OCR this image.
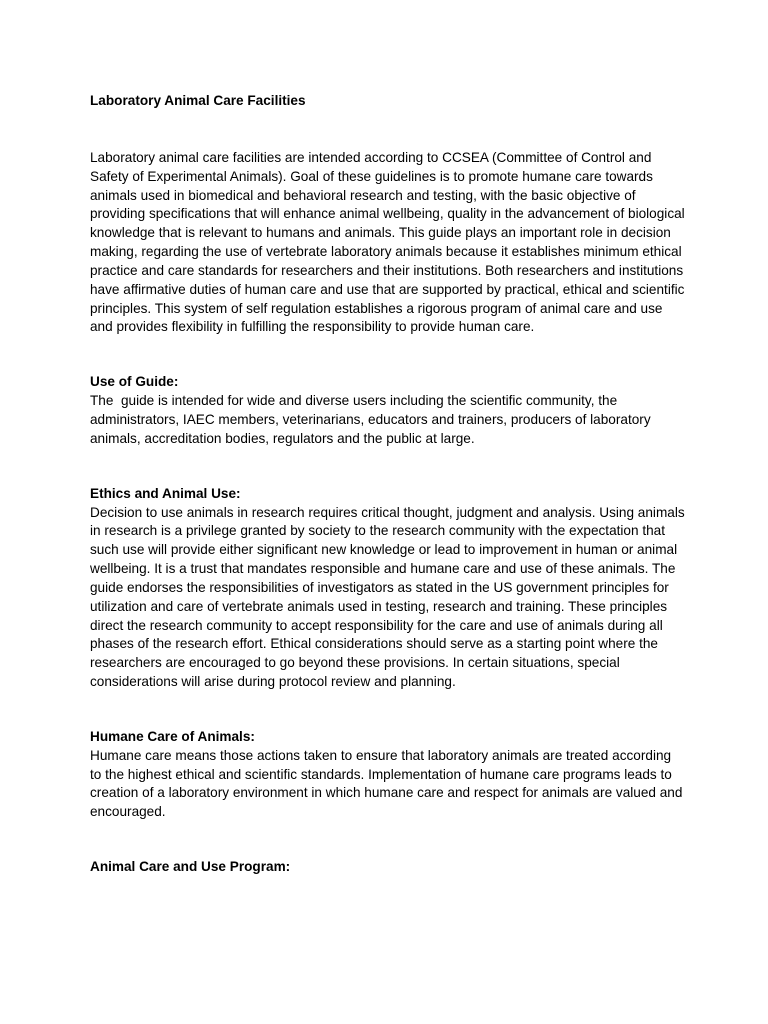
Laboratory Animal Care Facilities

Laboratory animal care facilities are intended according to CCSEA (Committee of Control and Safety of Experimental Animals). Goal of these guidelines is to promote humane care towards animals used in biomedical and behavioral research and testing, with the basic objective of providing specifications that will enhance animal wellbeing, quality in the advancement of biological knowledge that is relevant to humans and animals. This guide plays an important role in decision making, regarding the use of vertebrate laboratory animals because it establishes minimum ethical practice and care standards for researchers and their institutions. Both researchers and institutions have affirmative duties of human care and use that are supported by practical, ethical and scientific principles. This system of self regulation establishes a rigorous program of animal care and use and provides flexibility in fulfilling the responsibility to provide human care.

Use of Guide:

The  guide is intended for wide and diverse users including the scientific community, the administrators, IAEC members, veterinarians, educators and trainers, producers of laboratory animals, accreditation bodies, regulators and the public at large.

Ethics and Animal Use:

Decision to use animals in research requires critical thought, judgment and analysis. Using animals in research is a privilege granted by society to the research community with the expectation that such use will provide either significant new knowledge or lead to improvement in human or animal wellbeing. It is a trust that mandates responsible and humane care and use of these animals. The guide endorses the responsibilities of investigators as stated in the US government principles for utilization and care of vertebrate animals used in testing, research and training. These principles direct the research community to accept responsibility for the care and use of animals during all phases of the research effort. Ethical considerations should serve as a starting point where the researchers are encouraged to go beyond these provisions. In certain situations, special considerations will arise during protocol review and planning.

Humane Care of Animals:

Humane care means those actions taken to ensure that laboratory animals are treated according to the highest ethical and scientific standards. Implementation of humane care programs leads to creation of a laboratory environment in which humane care and respect for animals are valued and encouraged.

Animal Care and Use Program:
